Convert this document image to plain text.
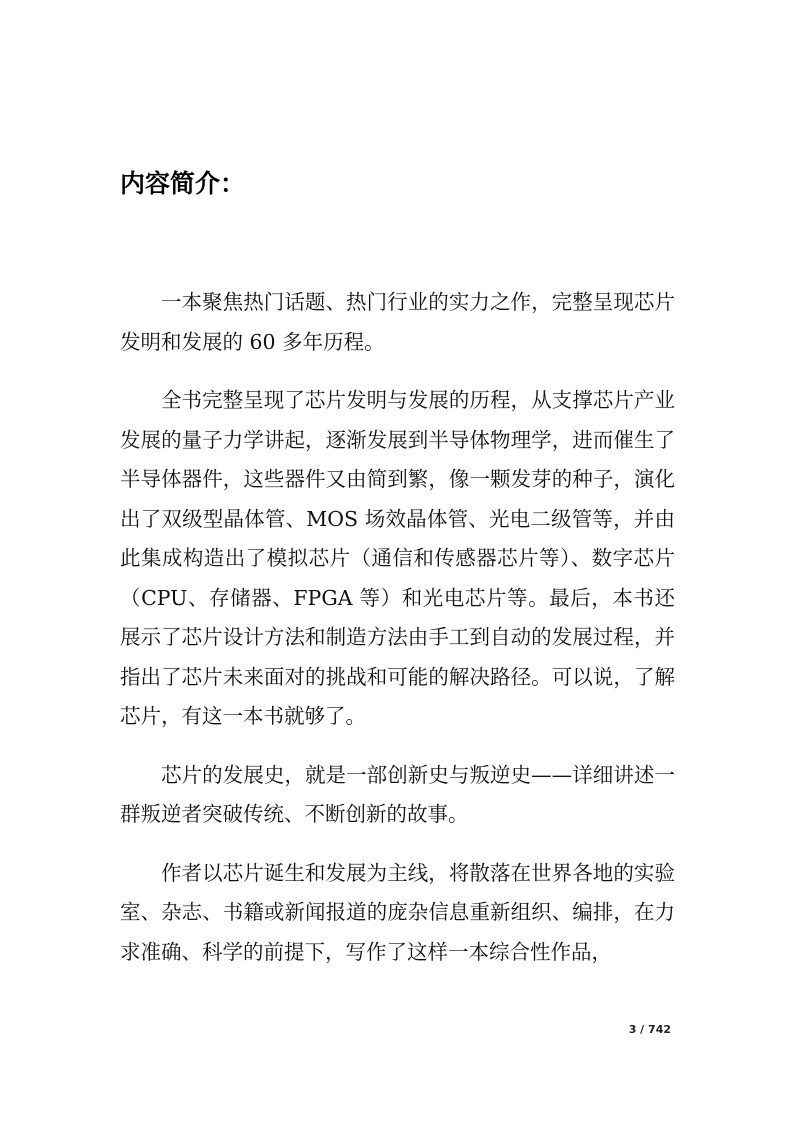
内容简介：

一本聚焦热门话题、热门行业的实力之作，完整呈现芯片发明和发展的 60 多年历程。

全书完整呈现了芯片发明与发展的历程，从支撑芯片产业发展的量子力学讲起，逐渐发展到半导体物理学，进而催生了半导体器件，这些器件又由简到繁，像一颗发芽的种子，演化出了双级型晶体管、MOS 场效晶体管、光电二级管等，并由此集成构造出了模拟芯片（通信和传感器芯片等）、数字芯片（CPU、存储器、FPGA 等）和光电芯片等。最后，本书还展示了芯片设计方法和制造方法由手工到自动的发展过程，并指出了芯片未来面对的挑战和可能的解决路径。可以说，了解芯片，有这一本书就够了。

芯片的发展史，就是一部创新史与叛逆史——详细讲述一群叛逆者突破传统、不断创新的故事。

作者以芯片诞生和发展为主线，将散落在世界各地的实验室、杂志、书籍或新闻报道的庞杂信息重新组织、编排，在力求准确、科学的前提下，写作了这样一本综合性作品，

3 / 742
